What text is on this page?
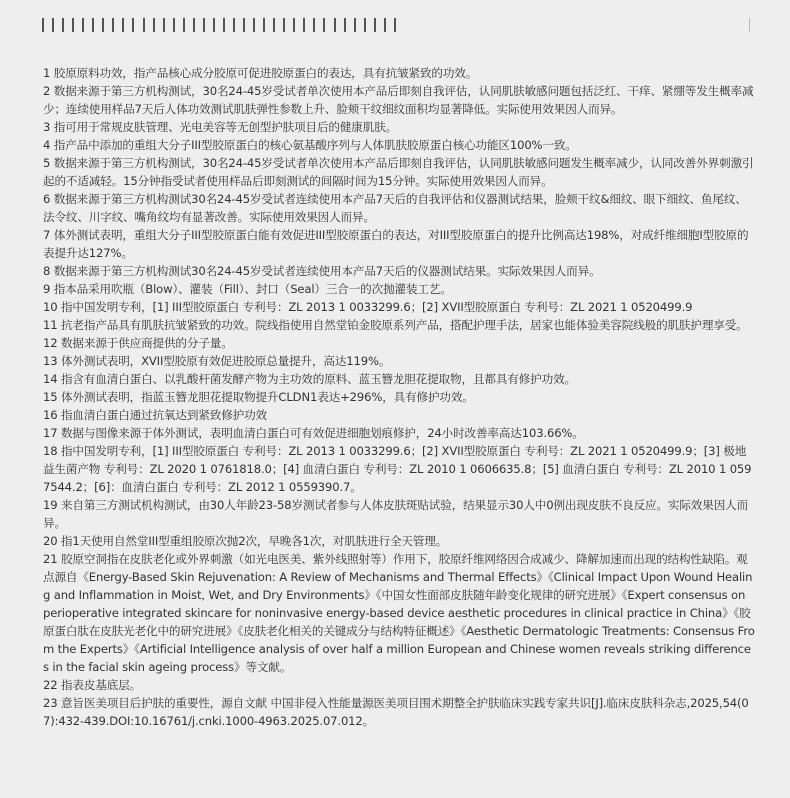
1 胶原原料功效，指产品核心成分胶原可促进胶原蛋白的表达，具有抗皱紧致的功效。

2 数据来源于第三方机构测试，30名24-45岁受试者单次使用本产品后即刻自我评估，认同肌肤敏感问题包括泛红、干痒、紧绷等发生概率减少；连续使用样品7天后人体功效测试肌肤弹性参数上升、脸颊干纹细纹面积均显著降低。实际使用效果因人而异。

3 指可用于常规皮肤管理、光电美容等无创型护肤项目后的健康肌肤。

4 指产品中添加的重组大分子III型胶原蛋白的核心氨基酸序列与人体肌肤胶原蛋白核心功能区100%一致。

5 数据来源于第三方机构测试，30名24-45岁受试者单次使用本产品后即刻自我评估，认同肌肤敏感问题发生概率减少，认同改善外界刺激引起的不适减轻。15分钟指受试者使用样品后即刻测试的间隔时间为15分钟。实际使用效果因人而异。

6 数据来源于第三方机构测试30名24-45岁受试者连续使用本产品7天后的自我评估和仪器测试结果，脸颊干纹&细纹、眼下细纹、鱼尾纹、法令纹、川字纹、嘴角纹均有显著改善。实际使用效果因人而异。

7 体外测试表明，重组大分子III型胶原蛋白能有效促进III型胶原蛋白的表达，对III型胶原蛋白的提升比例高达198%，对成纤维细胞I型胶原的表提升达127%。

8 数据来源于第三方机构测试30名24-45岁受试者连续使用本产品7天后的仪器测试结果。实际效果因人而异。

9 指本品采用吹瓶（Blow）、灌装（Fill）、封口（Seal）三合一的次抛灌装工艺。

10 指中国发明专利，[1] III型胶原蛋白 专利号：ZL 2013 1 0033299.6；[2] XVII型胶原蛋白 专利号：ZL 2021 1 0520499.9

11 抗老指产品具有肌肤抗皱紧致的功效。院线指使用自然堂铂金胶原系列产品，搭配护理手法，居家也能体验美容院线般的肌肤护理享受。

12 数据来源于供应商提供的分子量。

13 体外测试表明，XVII型胶原有效促进胶原总量提升，高达119%。

14 指含有血清白蛋白、以乳酸杆菌发酵产物为主功效的原料、蓝玉簪龙胆花提取物，且都具有修护功效。

15 体外测试表明，指蓝玉簪龙胆花提取物提升CLDN1表达+296%，具有修护功效。

16 指血清白蛋白通过抗氧达到紧致修护功效

17 数据与图像来源于体外测试，表明血清白蛋白可有效促进细胞划痕修护，24小时改善率高达103.66%。

18 指中国发明专利，[1] III型胶原蛋白 专利号：ZL 2013 1 0033299.6；[2] XVII型胶原蛋白 专利号：ZL 2021 1 0520499.9；[3] 极地益生菌产物 专利号：ZL 2020 1 0761818.0；[4] 血清白蛋白 专利号：ZL 2010 1 0606635.8；[5] 血清白蛋白 专利号：ZL 2010 1 0597544.2；[6]：血清白蛋白 专利号：ZL 2012 1 0559390.7。

19 来自第三方测试机构测试，由30人年龄23-58岁测试者参与人体皮肤斑贴试验，结果显示30人中0例出现皮肤不良反应。实际效果因人而异。

20 指1天使用自然堂III型重组胶原次抛2次，早晚各1次，对肌肤进行全天管理。

21 胶原空洞指在皮肤老化或外界刺激（如光电医美、紫外线照射等）作用下，胶原纤维网络因合成减少、降解加速而出现的结构性缺陷。观点源自《Energy-Based Skin Rejuvenation: A Review of Mechanisms and Thermal Effects》《Clinical Impact Upon Wound Healing and Inflammation in Moist, Wet, and Dry Environments》《中国女性面部皮肤随年龄变化规律的研究进展》《Expert consensus on perioperative integrated skincare for noninvasive energy-based device aesthetic procedures in clinical practice in China》《胶原蛋白肽在皮肤光老化中的研究进展》《皮肤老化相关的关键成分与结构特征概述》《Aesthetic Dermatologic Treatments: Consensus From the Experts》《Artificial Intelligence analysis of over half a million European and Chinese women reveals striking differences in the facial skin ageing process》等文献。

22 指表皮基底层。

23 意旨医美项目后护肤的重要性，源自文献 中国非侵入性能量源医美项目围术期整全护肤临床实践专家共识[J].临床皮肤科杂志,2025,54(07):432-439.DOI:10.16761/j.cnki.1000-4963.2025.07.012。
